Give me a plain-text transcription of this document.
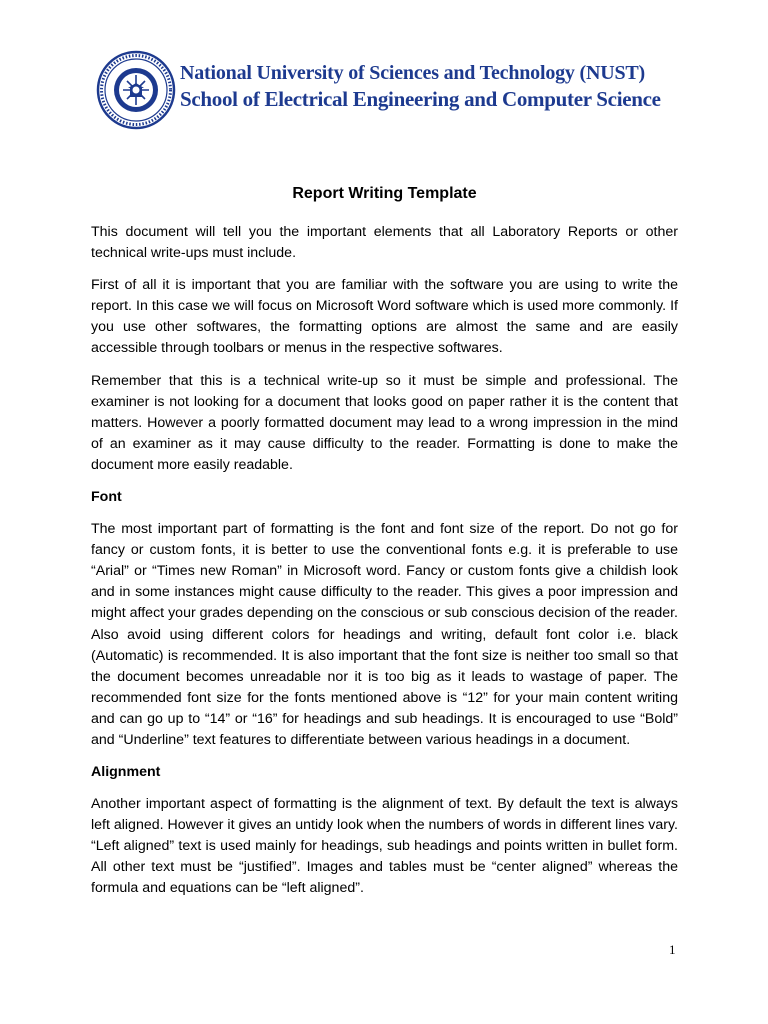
National University of Sciences and Technology (NUST)
School of Electrical Engineering and Computer Science
Report Writing Template

This document will tell you the important elements that all Laboratory Reports or other technical write-ups must include.

First of all it is important that you are familiar with the software you are using to write the report. In this case we will focus on Microsoft Word software which is used more commonly. If you use other softwares, the formatting options are almost the same and are easily accessible through toolbars or menus in the respective softwares.

Remember that this is a technical write-up so it must be simple and professional. The examiner is not looking for a document that looks good on paper rather it is the content that matters. However a poorly formatted document may lead to a wrong impression in the mind of an examiner as it may cause difficulty to the reader. Formatting is done to make the document more easily readable.

Font

The most important part of formatting is the font and font size of the report. Do not go for fancy or custom fonts, it is better to use the conventional fonts e.g. it is preferable to use “Arial” or “Times new Roman” in Microsoft word. Fancy or custom fonts give a childish look and in some instances might cause difficulty to the reader. This gives a poor impression and might affect your grades depending on the conscious or sub conscious decision of the reader. Also avoid using different colors for headings and writing, default font color i.e. black (Automatic) is recommended. It is also important that the font size is neither too small so that the document becomes unreadable nor it is too big as it leads to wastage of paper. The recommended font size for the fonts mentioned above is “12” for your main content writing and can go up to “14” or “16” for headings and sub headings. It is encouraged to use “Bold” and “Underline” text features to differentiate between various headings in a document.

Alignment

Another important aspect of formatting is the alignment of text. By default the text is always left aligned. However it gives an untidy look when the numbers of words in different lines vary. “Left aligned” text is used mainly for headings, sub headings and points written in bullet form. All other text must be “justified”. Images and tables must be “center aligned” whereas the formula and equations can be “left aligned”.

1
